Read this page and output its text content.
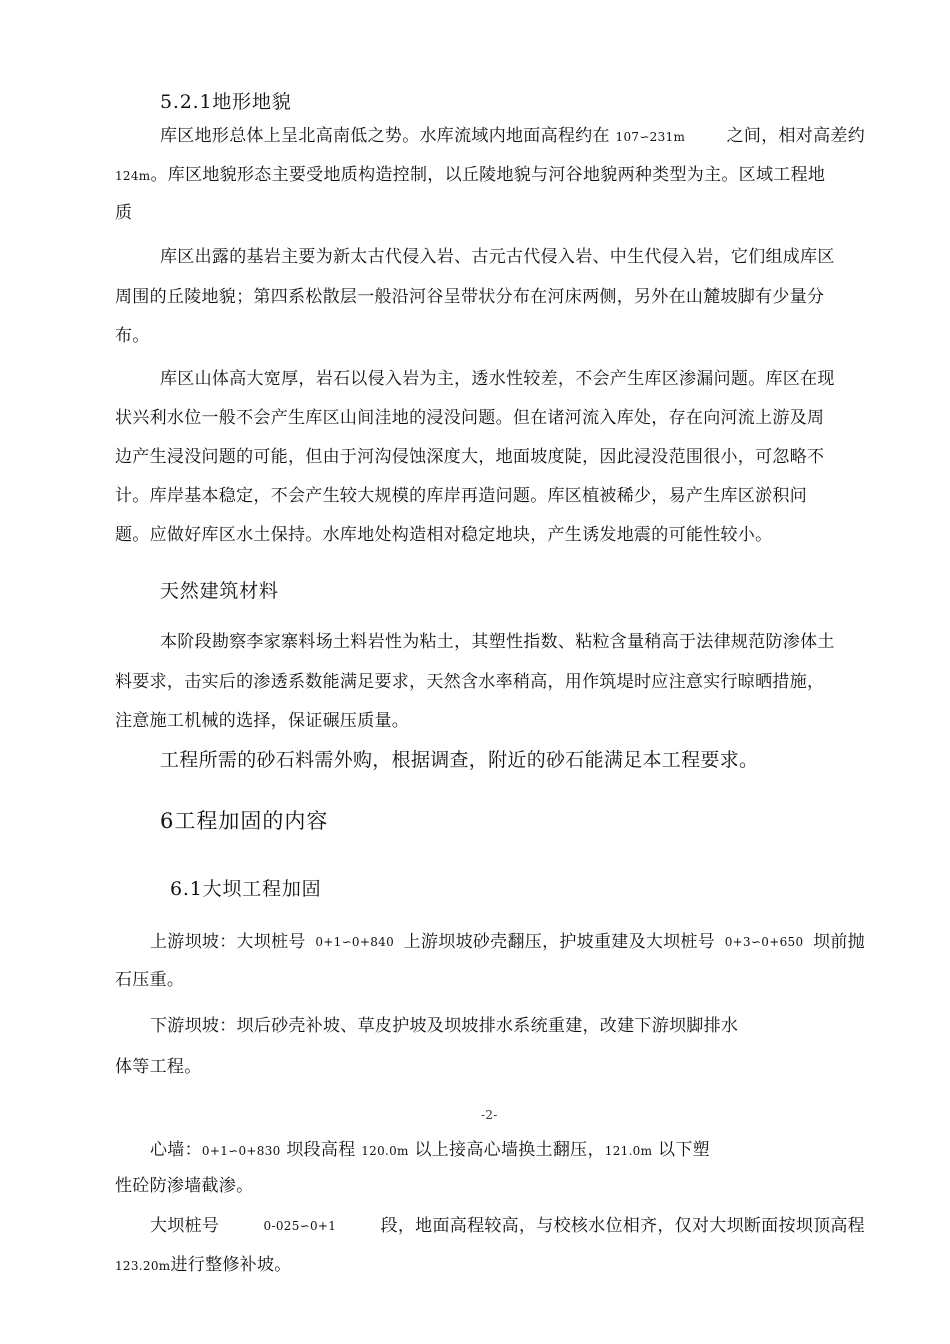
5.2.1地形地貌
库区地形总体上呈北高南低之势。水库流域内地面高程约在 107∽231m 之间，相对高差约
124m。库区地貌形态主要受地质构造控制，以丘陵地貌与河谷地貌两种类型为主。区域工程地
质
库区出露的基岩主要为新太古代侵入岩、古元古代侵入岩、中生代侵入岩，它们组成库区
周围的丘陵地貌；第四系松散层一般沿河谷呈带状分布在河床两侧，另外在山麓坡脚有少量分
布。
库区山体高大宽厚，岩石以侵入岩为主，透水性较差，不会产生库区渗漏问题。库区在现
状兴利水位一般不会产生库区山间洼地的浸没问题。但在诸河流入库处，存在向河流上游及周
边产生浸没问题的可能，但由于河沟侵蚀深度大，地面坡度陡，因此浸没范围很小，可忽略不
计。库岸基本稳定，不会产生较大规模的库岸再造问题。库区植被稀少，易产生库区淤积问
题。应做好库区水土保持。水库地处构造相对稳定地块，产生诱发地震的可能性较小。
天然建筑材料
本阶段勘察李家寨料场土料岩性为粘土，其塑性指数、粘粒含量稍高于法律规范防渗体土
料要求，击实后的渗透系数能满足要求，天然含水率稍高，用作筑堤时应注意实行晾晒措施，
注意施工机械的选择，保证碾压质量。
工程所需的砂石料需外购，根据调查，附近的砂石能满足本工程要求。
6工程加固的内容
6.1大坝工程加固
上游坝坡：大坝桩号 0+1∽0+840 上游坝坡砂壳翻压，护坡重建及大坝桩号 0+3∽0+650 坝前抛
石压重。
下游坝坡：坝后砂壳补坡、草皮护坡及坝坡排水系统重建，改建下游坝脚排水
体等工程。
-2-
心墙：0+1∽0+830 坝段高程 120.0m 以上接高心墙换土翻压，121.0m 以下塑
性砼防渗墙截渗。
大坝桩号	0-025∽0+1	段，地面高程较高，与校核水位相齐，仅对大坝断面按坝顶高程
123.20m进行整修补坡。
